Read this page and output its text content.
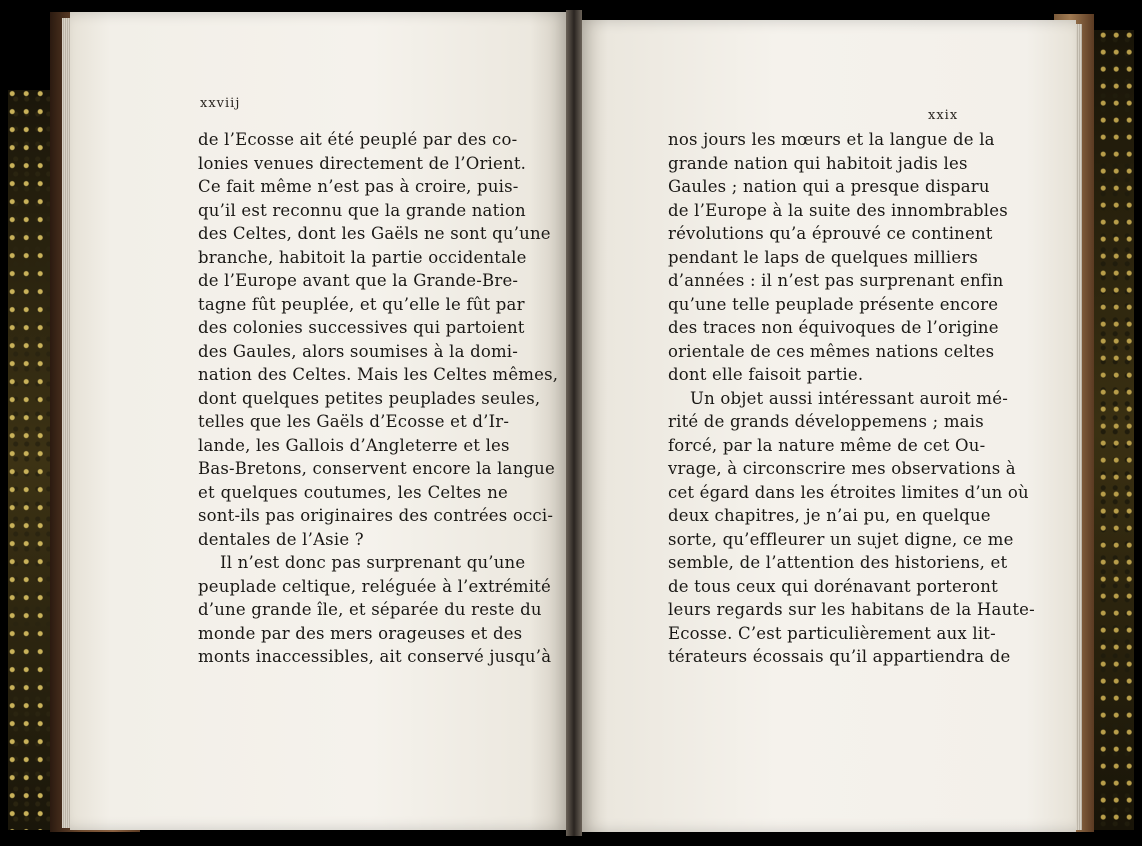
xxviij
xxix
de l’Ecosse ait été peuplé par des co-
lonies venues directement de l’Orient.
Ce fait même n’est pas à croire, puis-
qu’il est reconnu que la grande nation
des Celtes, dont les Gaëls ne sont qu’une
branche, habitoit la partie occidentale
de l’Europe avant que la Grande-Bre-
tagne fût peuplée, et qu’elle le fût par
des colonies successives qui partoient
des Gaules, alors soumises à la domi-
nation des Celtes. Mais les Celtes mêmes,
dont quelques petites peuplades seules,
telles que les Gaëls d’Ecosse et d’Ir-
lande, les Gallois d’Angleterre et les
Bas-Bretons, conservent encore la langue
et quelques coutumes, les Celtes ne
sont-ils pas originaires des contrées occi-
dentales de l’Asie ?
Il n’est donc pas surprenant qu’une
peuplade celtique, reléguée à l’extrémité
d’une grande île, et séparée du reste du
monde par des mers orageuses et des
monts inaccessibles, ait conservé jusqu’à
nos jours les mœurs et la langue de la
grande nation qui habitoit jadis les
Gaules ; nation qui a presque disparu
de l’Europe à la suite des innombrables
révolutions qu’a éprouvé ce continent
pendant le laps de quelques milliers
d’années : il n’est pas surprenant enfin
qu’une telle peuplade présente encore
des traces non équivoques de l’origine
orientale de ces mêmes nations celtes
dont elle faisoit partie.
Un objet aussi intéressant auroit mé-
rité de grands développemens ; mais
forcé, par la nature même de cet Ou-
vrage, à circonscrire mes observations à
cet égard dans les étroites limites d’un où
deux chapitres, je n’ai pu, en quelque
sorte, qu’effleurer un sujet digne, ce me
semble, de l’attention des historiens, et
de tous ceux qui dorénavant porteront
leurs regards sur les habitans de la Haute-
Ecosse. C’est particulièrement aux lit-
térateurs écossais qu’il appartiendra de
